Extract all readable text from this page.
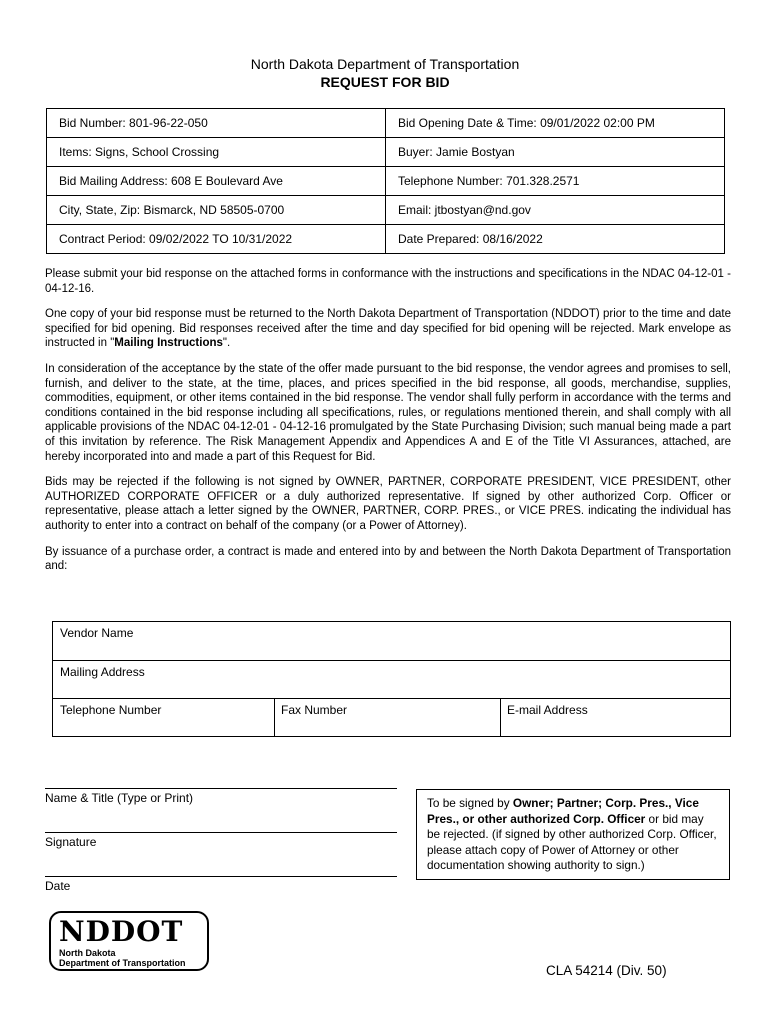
North Dakota Department of Transportation
REQUEST FOR BID
Bid Number: 801-96-22-050	Bid Opening Date & Time: 09/01/2022 02:00 PM
Items: Signs, School Crossing	Buyer: Jamie Bostyan
Bid Mailing Address: 608 E Boulevard Ave	Telephone Number: 701.328.2571
City, State, Zip: Bismarck, ND 58505-0700	Email: jtbostyan@nd.gov
Contract Period: 09/02/2022 TO 10/31/2022	Date Prepared: 08/16/2022

Please submit your bid response on the attached forms in conformance with the instructions and specifications in the NDAC 04-12-01 - 04-12-16.

One copy of your bid response must be returned to the North Dakota Department of Transportation (NDDOT) prior to the time and date specified for bid opening. Bid responses received after the time and day specified for bid opening will be rejected. Mark envelope as instructed in "Mailing Instructions".

In consideration of the acceptance by the state of the offer made pursuant to the bid response, the vendor agrees and promises to sell, furnish, and deliver to the state, at the time, places, and prices specified in the bid response, all goods, merchandise, supplies, commodities, equipment, or other items contained in the bid response. The vendor shall fully perform in accordance with the terms and conditions contained in the bid response including all specifications, rules, or regulations mentioned therein, and shall comply with all applicable provisions of the NDAC 04-12-01 - 04-12-16 promulgated by the State Purchasing Division; such manual being made a part of this invitation by reference. The Risk Management Appendix and Appendices A and E of the Title VI Assurances, attached, are hereby incorporated into and made a part of this Request for Bid.

Bids may be rejected if the following is not signed by OWNER, PARTNER, CORPORATE PRESIDENT, VICE PRESIDENT, other AUTHORIZED CORPORATE OFFICER or a duly authorized representative. If signed by other authorized Corp. Officer or representative, please attach a letter signed by the OWNER, PARTNER, CORP. PRES., or VICE PRES. indicating the individual has authority to enter into a contract on behalf of the company (or a Power of Attorney).

By issuance of a purchase order, a contract is made and entered into by and between the North Dakota Department of Transportation and:

Vendor Name
Mailing Address
Telephone Number	Fax Number	E-mail Address
Name & Title (Type or Print)
Signature
Date
To be signed by Owner; Partner; Corp. Pres., Vice Pres., or other authorized Corp. Officer or bid may be rejected. (if signed by other authorized Corp. Officer, please attach copy of Power of Attorney or other documentation showing authority to sign.)
NDDOT
North Dakota
Department of Transportation	CLA 54214 (Div. 50)
